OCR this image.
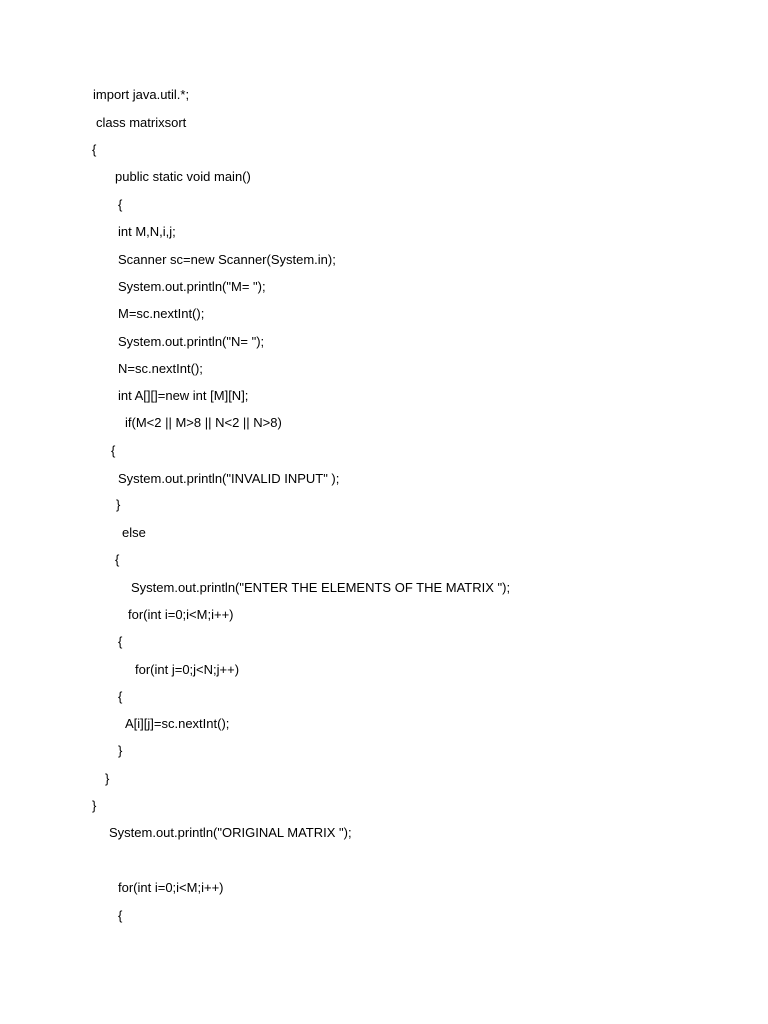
import java.util.*;
class matrixsort
{
public static void main()
{
int M,N,i,j;
Scanner sc=new Scanner(System.in);
System.out.println("M= ");
M=sc.nextInt();
System.out.println("N= ");
N=sc.nextInt();
int A[][]=new int [M][N];
if(M<2 || M>8 || N<2 || N>8)
{
System.out.println("INVALID INPUT" );
}
else
{
System.out.println("ENTER THE ELEMENTS OF THE MATRIX ");
for(int i=0;i<M;i++)
{
for(int j=0;j<N;j++)
{
A[i][j]=sc.nextInt();
}
}
}
System.out.println("ORIGINAL MATRIX ");
for(int i=0;i<M;i++)
{
